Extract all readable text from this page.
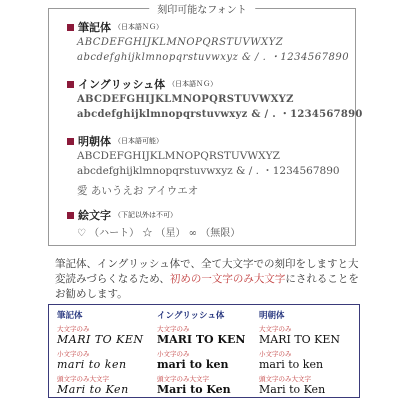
刻印可能なフォント
筆記体 （日本語ＮＧ）
ABCDEFGHIJKLMNOPQRSTUVWXYZ
abcdefghijklmnopqrstuvwxyz & / . ・1234567890
イングリッシュ体 （日本語ＮＧ）
ABCDEFGHIJKLMNOPQRSTUVWXYZ
abcdefghijklmnopqrstuvwxyz & / . ・1234567890
明朝体 （日本語可能）
ABCDEFGHIJKLMNOPQRSTUVWXYZ
abcdefghijklmnopqrstuvwxyz & / . ・1234567890
愛 あいうえお アイウエオ
絵文字 （下記以外は不可）
♡ （ハート） ☆ （星） ∞ （無限）
筆記体、イングリッシュ体で、全て大文字での刻印をしますと大変読みづらくなるため、初めの一文字のみ大文字にされることをお勧めします。
筆記体
大文字のみ
MARI TO KEN
小文字のみ
mari to ken
頭文字のみ大文字
Mari to Ken
イングリッシュ体
大文字のみ
MARI TO KEN
小文字のみ
mari to ken
頭文字のみ大文字
Mari to Ken
明朝体
大文字のみ
MARI TO KEN
小文字のみ
mari to ken
頭文字のみ大文字
Mari to Ken
